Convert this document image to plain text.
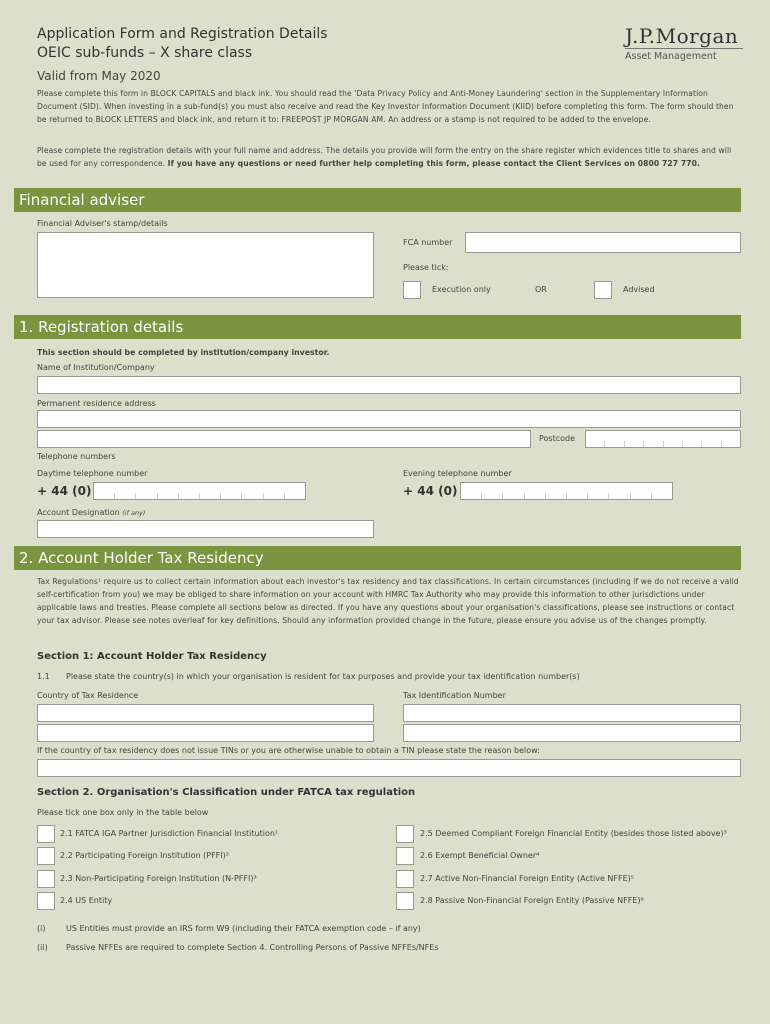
Application Form and Registration Details
OEIC sub-funds – X share class
Valid from May 2020
J.P.Morgan
Asset Management
Please complete this form in BLOCK CAPITALS and black ink. You should read the 'Data Privacy Policy and Anti-Money Laundering' section in the Supplementary Information Document (SID). When investing in a sub-fund(s) you must also receive and read the Key Investor Information Document (KIID) before completing this form. The form should then be returned to BLOCK LETTERS and black ink, and return it to: FREEPOST JP MORGAN AM. An address or a stamp is not required to be added to the envelope.
Please complete the registration details with your full name and address. The details you provide will form the entry on the share register which evidences title to shares and will be used for any correspondence. If you have any questions or need further help completing this form, please contact the Client Services on 0800 727 770.
Financial adviser
Financial Adviser's stamp/details
FCA number
Please tick:
Execution only	OR	Advised
1. Registration details
This section should be completed by institution/company investor.
Name of Institution/Company
Permanent residence address
Postcode
Telephone numbers
Daytime telephone number	Evening telephone number
+ 44 (0)	+ 44 (0)
Account Designation (if any)
2. Account Holder Tax Residency
Tax Regulations¹ require us to collect certain information about each investor's tax residency and tax classifications. In certain circumstances (including if we do not receive a valid self-certification from you) we may be obliged to share information on your account with HMRC Tax Authority who may provide this information to other jurisdictions under applicable laws and treaties. Please complete all sections below as directed. If you have any questions about your organisation's classifications, please see instructions or contact your tax advisor. Please see notes overleaf for key definitions. Should any information provided change in the future, please ensure you advise us of the changes promptly.
Section 1: Account Holder Tax Residency
1.1 Please state the country(s) in which your organisation is resident for tax purposes and provide your tax identification number(s)
Country of Tax Residence	Tax Identification Number
If the country of tax residency does not issue TINs or you are otherwise unable to obtain a TIN please state the reason below:
Section 2. Organisation's Classification under FATCA tax regulation
Please tick one box only in the table below
2.1 FATCA IGA Partner Jurisdiction Financial Institution¹
2.2 Participating Foreign Institution (PFFI)²
2.3 Non-Participating Foreign Institution (N-PFFI)³
2.4 US Entity
2.5 Deemed Compliant Foreign Financial Entity (besides those listed above)³
2.6 Exempt Beneficial Owner⁴
2.7 Active Non-Financial Foreign Entity (Active NFFE)⁵
2.8 Passive Non-Financial Foreign Entity (Passive NFFE)⁶
(i)	US Entities must provide an IRS form W9 (including their FATCA exemption code – if any)
(ii) Passive NFFEs are required to complete Section 4. Controlling Persons of Passive NFFEs/NFEs
